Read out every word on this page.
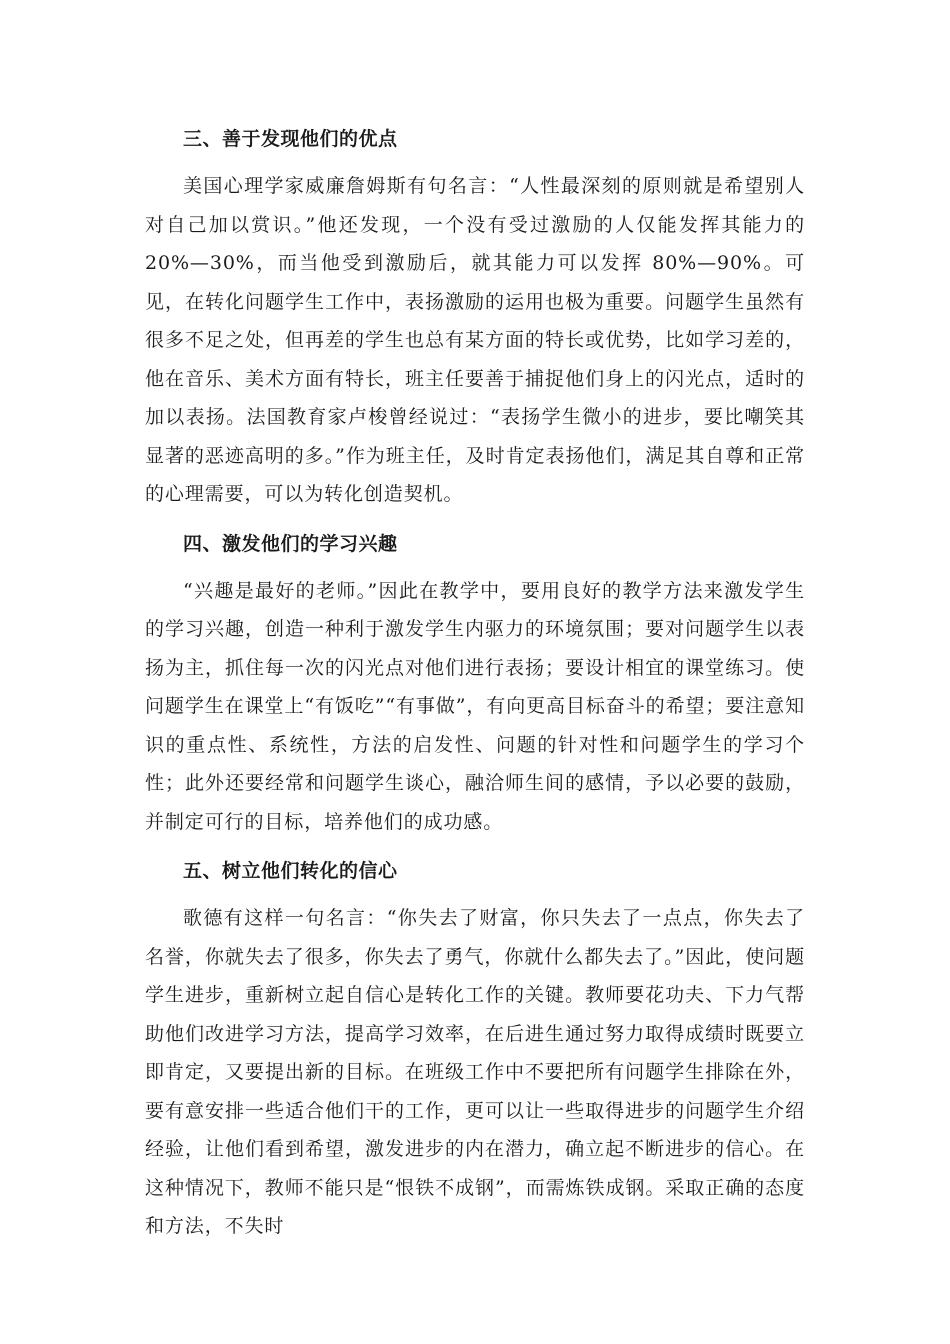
三、善于发现他们的优点

美国心理学家威廉詹姆斯有句名言：“人性最深刻的原则就是希望别人对自己加以赏识。”他还发现，一个没有受过激励的人仅能发挥其能力的 20%—30%，而当他受到激励后，就其能力可以发挥 80%—90%。可见，在转化问题学生工作中，表扬激励的运用也极为重要。问题学生虽然有很多不足之处，但再差的学生也总有某方面的特长或优势，比如学习差的，他在音乐、美术方面有特长，班主任要善于捕捉他们身上的闪光点，适时的加以表扬。法国教育家卢梭曾经说过：“表扬学生微小的进步，要比嘲笑其显著的恶迹高明的多。”作为班主任，及时肯定表扬他们，满足其自尊和正常的心理需要，可以为转化创造契机。

四、激发他们的学习兴趣

“兴趣是最好的老师。”因此在教学中，要用良好的教学方法来激发学生的学习兴趣，创造一种利于激发学生内驱力的环境氛围；要对问题学生以表扬为主，抓住每一次的闪光点对他们进行表扬；要设计相宜的课堂练习。使问题学生在课堂上“有饭吃”“有事做”，有向更高目标奋斗的希望；要注意知识的重点性、系统性，方法的启发性、问题的针对性和问题学生的学习个性；此外还要经常和问题学生谈心，融洽师生间的感情，予以必要的鼓励，并制定可行的目标，培养他们的成功感。

五、树立他们转化的信心

歌德有这样一句名言：“你失去了财富，你只失去了一点点，你失去了名誉，你就失去了很多，你失去了勇气，你就什么都失去了。”因此，使问题学生进步，重新树立起自信心是转化工作的关键。教师要花功夫、下力气帮助他们改进学习方法，提高学习效率，在后进生通过努力取得成绩时既要立即肯定，又要提出新的目标。在班级工作中不要把所有问题学生排除在外，要有意安排一些适合他们干的工作，更可以让一些取得进步的问题学生介绍经验，让他们看到希望，激发进步的内在潜力，确立起不断进步的信心。在这种情况下，教师不能只是“恨铁不成钢”，而需炼铁成钢。采取正确的态度和方法，不失时
